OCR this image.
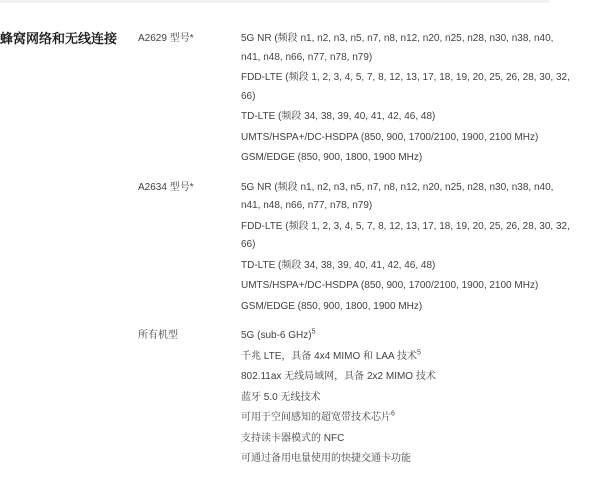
蜂窝网络和无线连接	A2629 型号*	5G NR (频段 n1, n2, n3, n5, n7, n8, n12, n20, n25, n28, n30, n38, n40, n41, n48, n66, n77, n78, n79)

FDD-LTE (频段 1, 2, 3, 4, 5, 7, 8, 12, 13, 17, 18, 19, 20, 25, 26, 28, 30, 32, 66)

TD-LTE (频段 34, 38, 39, 40, 41, 42, 46, 48)

UMTS/HSPA+/DC-HSDPA (850, 900, 1700/2100, 1900, 2100 MHz)

GSM/EDGE (850, 900, 1800, 1900 MHz)

A2634 型号*	5G NR (频段 n1, n2, n3, n5, n7, n8, n12, n20, n25, n28, n30, n38, n40, n41, n48, n66, n77, n78, n79)

FDD-LTE (频段 1, 2, 3, 4, 5, 7, 8, 12, 13, 17, 18, 19, 20, 25, 26, 28, 30, 32, 66)

TD-LTE (频段 34, 38, 39, 40, 41, 42, 46, 48)

UMTS/HSPA+/DC-HSDPA (850, 900, 1700/2100, 1900, 2100 MHz)

GSM/EDGE (850, 900, 1800, 1900 MHz)

所有机型	5G (sub-6 GHz)$^5$

千兆 LTE，具备 4x4 MIMO 和 LAA 技术$^5$

802.11ax 无线局域网，具备 2x2 MIMO 技术

蓝牙 5.0 无线技术

可用于空间感知的超宽带技术芯片$^6$

支持读卡器模式的 NFC

可通过备用电量使用的快捷交通卡功能
